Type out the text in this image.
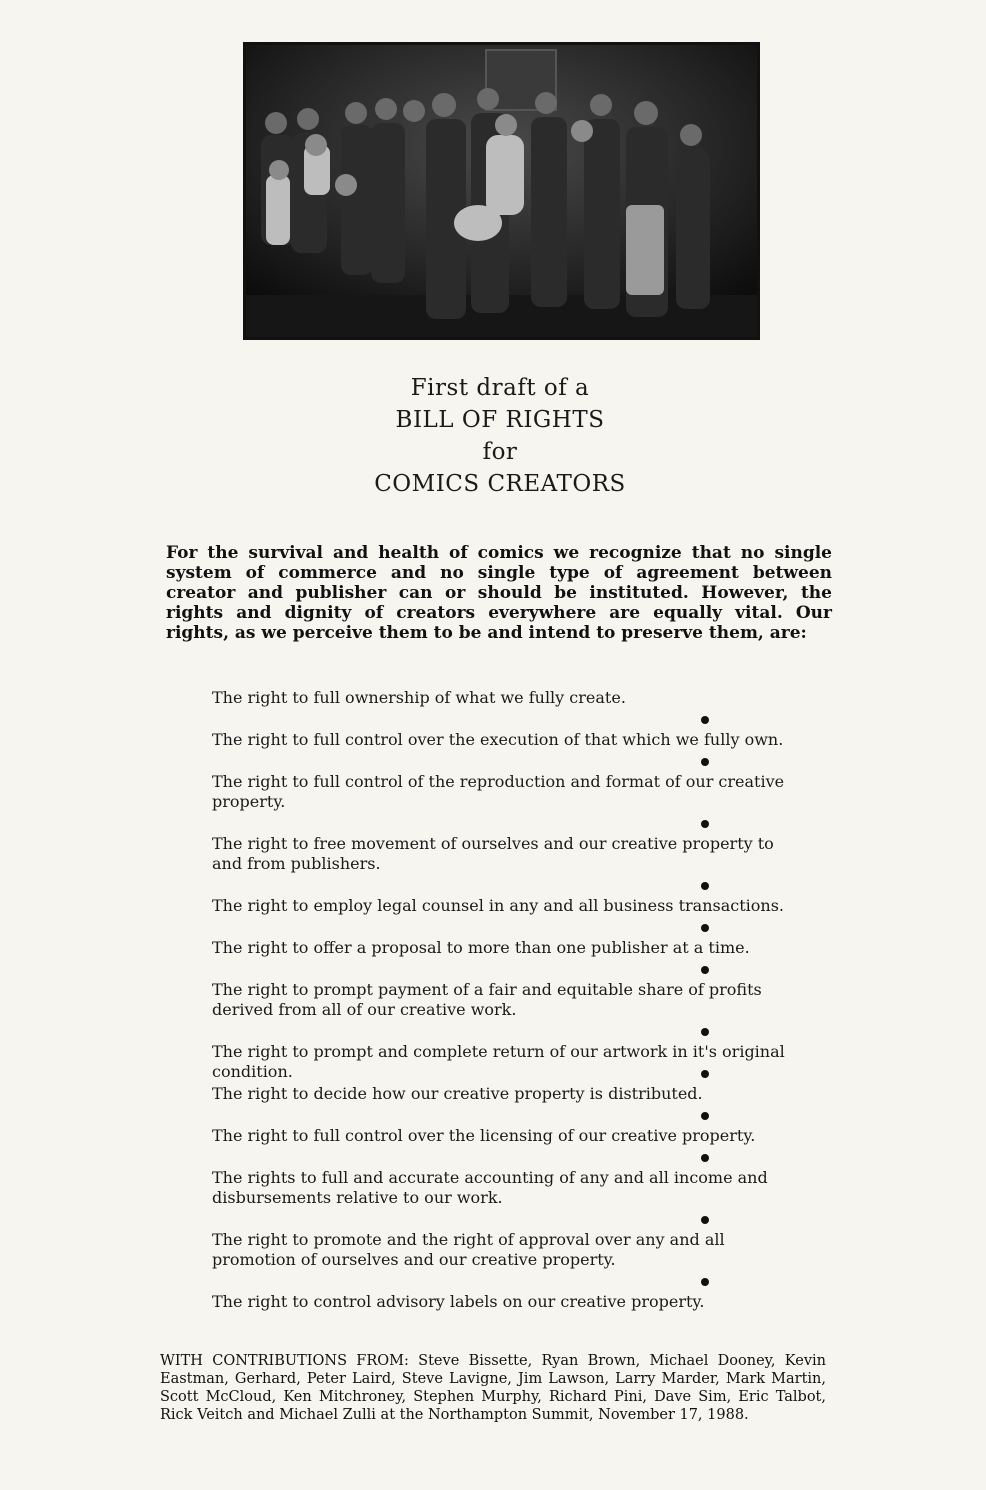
First draft of a
BILL OF RIGHTS
for
COMICS CREATORS

For the survival and health of comics we recognize that no single system of commerce and no single type of agreement between creator and publisher can or should be instituted. However, the rights and dignity of creators everywhere are equally vital. Our rights, as we perceive them to be and intend to preserve them, are:

The right to full ownership of what we fully create.
The right to full control over the execution of that which we fully own.
The right to full control of the reproduction and format of our creative property.
The right to free movement of ourselves and our creative property to and from publishers.
The right to employ legal counsel in any and all business transactions.
The right to offer a proposal to more than one publisher at a time.
The right to prompt payment of a fair and equitable share of profits derived from all of our creative work.
The right to prompt and complete return of our artwork in it's original condition.
The right to decide how our creative property is distributed.
The right to full control over the licensing of our creative property.
The rights to full and accurate accounting of any and all income and disbursements relative to our work.
The right to promote and the right of approval over any and all promotion of ourselves and our creative property.
The right to control advisory labels on our creative property.

WITH CONTRIBUTIONS FROM: Steve Bissette, Ryan Brown, Michael Dooney, Kevin Eastman, Gerhard, Peter Laird, Steve Lavigne, Jim Lawson, Larry Marder, Mark Martin, Scott McCloud, Ken Mitchroney, Stephen Murphy, Richard Pini, Dave Sim, Eric Talbot, Rick Veitch and Michael Zulli at the Northampton Summit, November 17, 1988.
